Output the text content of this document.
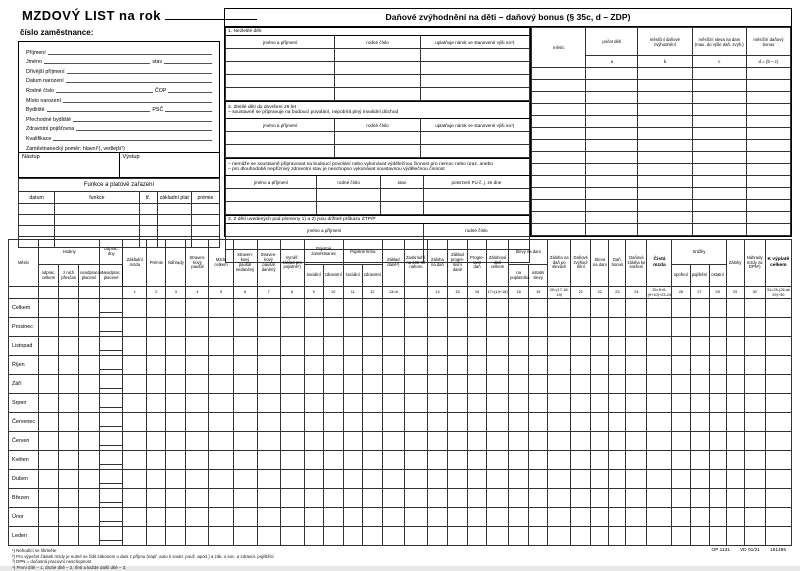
MZDOVÝ LIST na rok
číslo zaměstnance:
Příjmení
Jméno	stav
Dřívější příjmení
Datum narození
Rodné číslo	ČOP
Místo narození
Bydliště	PSČ
Přechodné bydliště
Zdravotní pojišťovna
Kvalifikace
Zaměstnanecký poměr: hlavní¹), vedlejší¹)
Nástup	Výstup
Funkce a platové zařazení				
datum	funkce	tř.	základní plat	prémie

Daňové zvýhodnění na děti – daňový bonus (§ 35c, d – ZDP)
1. Nezletilé děti		
jméno a příjmení	rodné číslo	uplatňuje nárok ve stanovené výši na⁴)

2. Zletilé děti do dovršení 26 let
– soustavně se připravuje na budoucí povolání, nepobírá plný invalidní důchod		

jméno a příjmení	rodné číslo	uplatňuje nárok ve stanovené výši na⁴)

– nemůže se soustavně připravovat na budoucí povolání nebo vykonávat výdělečnou činnost pro nemoc nebo úraz, anebo
– pro dlouhodobě nepříznivý zdravotní stav je neschopno vykonávat soustavnou výdělečnou činnost			

jméno a příjmení	rodné číslo	stav	potvrzení FÚ č. j. ze dne

3. Z dětí uvedených pod písmeny 1) a 2) jsou držiteli průkazu ZTP/P	
jméno a příjmení	rodné číslo

měsíc	počet dětí	měsíční daňové zvýhodnění	měsíční sleva na dani (max. do výše daň. zvýh.)	měsíční daňový bonus
	a	b	c	d = (b – c)

Měsíc	Hodiny			Odprac. dny	Základní mzda	Prémie	Náhrady	Straven- kový paušál	Mzda celkem	Straven- kový paušál nedaněný	Straven- kový paušál daněný	Vyměř. základ pro pojistné²)	Pojistné zaměstnanec		Pojistné firma		Základ daně²)	Zaokrouhl. na 100 Kč nahoru	Záloha na daň	Základ progre- sivní daně	Progre- sivní daň	Zálohová daň celkem	Slevy na dani		Záloha na daň po slevách	Daňové zvýhod- nění	Sleva na dani	Daň. bonus	Daňová záloha ke sražení	Čistá mzda	Srážky			Zálohy	Náhrady mzdy za DPN³)	K výplatě celkem
	odprac. celkem	z nich přesčas	neodpracov. placené	Neodprac. placené									sociální	zdravotní	sociální	zdravotní							na poplatníka	ostatní slevy							spoření	pojištění	ostatní			
					1	2	3	4	5	6	7	8	9	10	11	12	13=8		14	15	16	17=(14+16)	18	19	20=(17-18-19)	21	22	23	24	25=5+6-(9+10)+23-24	26	27	28	29	30	31=25-(26 až 29)+30
Celkem				

Prosinec				

Listopad				

Říjen				

Září				

Srpen				

Červenec				

Červen				

Květen				

Duben				

Březen				

Únor				

Leden				

¹) Nehodící se škrtněte
²) Pro výpočet částek mzdy je nutné se řídit zákonem o dani z příjmu (např. auto k soukr. použ. apod.) a zák. o soc. a zdravot. pojištění
³) DPN = dočasná pracovní neschopnost
⁴) První dítě – 1, druhé dítě – 2, třetí a každé další dítě – 3.
OP 1131 VD 01/21 181495
